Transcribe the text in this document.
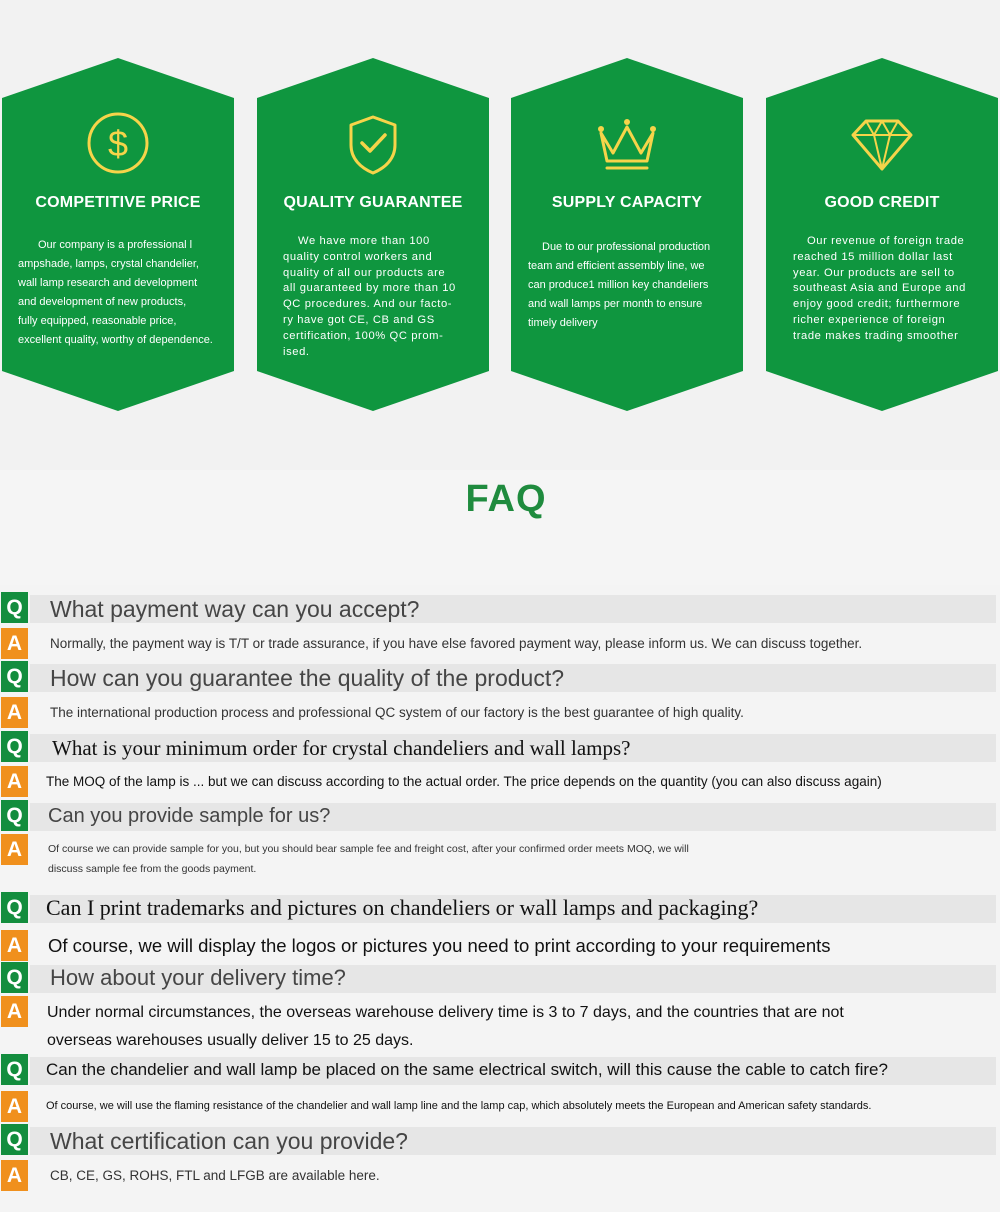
$
COMPETITIVE PRICE
Our company is a professional l
ampshade, lamps, crystal chandelier,
wall lamp research and development
and development of new products,
fully equipped, reasonable price,
excellent quality, worthy of dependence.
QUALITY GUARANTEE
We have more than 100
quality control workers and
quality of all our products are
all guaranteed by more than 10
QC procedures. And our facto-
ry have got CE, CB and GS
certification, 100% QC prom-
ised.
SUPPLY CAPACITY
Due to our professional production
team and efficient assembly line, we
can produce1 million key chandeliers
and wall lamps per month to ensure
timely delivery
GOOD CREDIT
Our revenue of foreign trade
reached 15 million dollar last
year. Our products are sell to
southeast Asia and Europe and
enjoy good credit; furthermore
richer experience of foreign
trade makes trading smoother
FAQ
Q What payment way can you accept?
A	Normally, the payment way is T/T or trade assurance, if you have else favored payment way, please inform us. We can discuss together.
Q How can you guarantee the quality of the product?
A	The international production process and professional QC system of our factory is the best guarantee of high quality.
Q What is your minimum order for crystal chandeliers and wall lamps?
A	The MOQ of the lamp is ... but we can discuss according to the actual order. The price depends on the quantity (you can also discuss again)
Q Can you provide sample for us?
A	Of course we can provide sample for you, but you should bear sample fee and freight cost, after your confirmed order meets MOQ, we will
discuss sample fee from the goods payment.
Q Can I print trademarks and pictures on chandeliers or wall lamps and packaging?
A	Of course, we will display the logos or pictures you need to print according to your requirements
Q How about your delivery time?
A	Under normal circumstances, the overseas warehouse delivery time is 3 to 7 days, and the countries that are not
overseas warehouses usually deliver 15 to 25 days.
Q	Can the chandelier and wall lamp be placed on the same electrical switch, will this cause the cable to catch fire?
A	Of course, we will use the flaming resistance of the chandelier and wall lamp line and the lamp cap, which absolutely meets the European and American safety standards.
Q What certification can you provide?
A	CB, CE, GS, ROHS, FTL and LFGB are available here.
